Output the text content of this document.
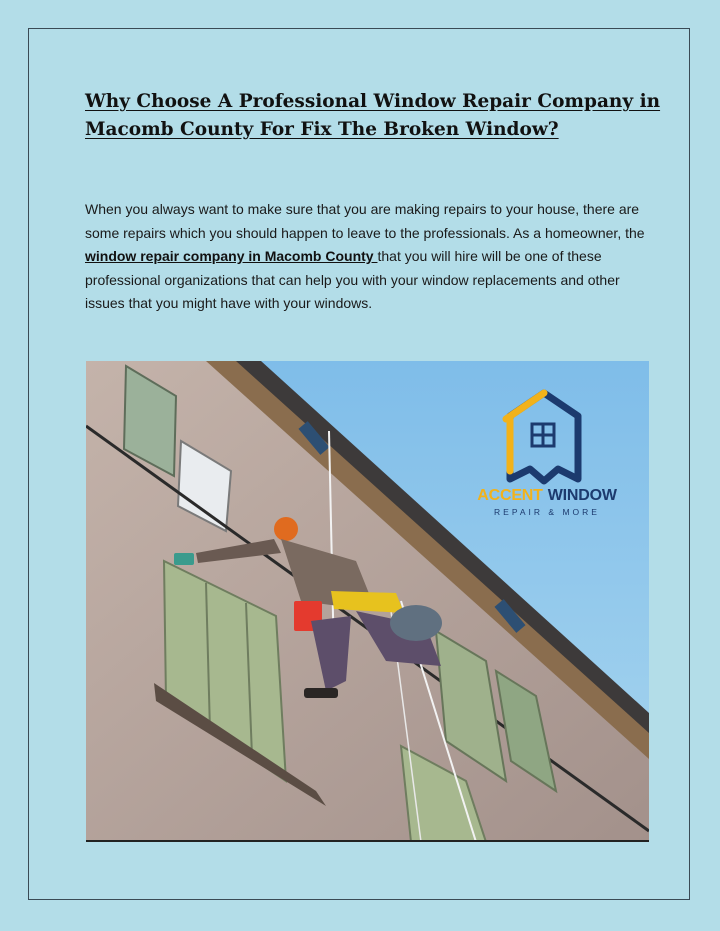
Why Choose A Professional Window Repair Company in Macomb County For Fix The Broken Window?

When you always want to make sure that you are making repairs to your house, there are some repairs which you should happen to leave to the professionals. As a homeowner, the window repair company in Macomb County that you will hire will be one of these professional organizations that can help you with your window replacements and other issues that you might have with your windows.

ACCENT WINDOW
REPAIR & MORE
